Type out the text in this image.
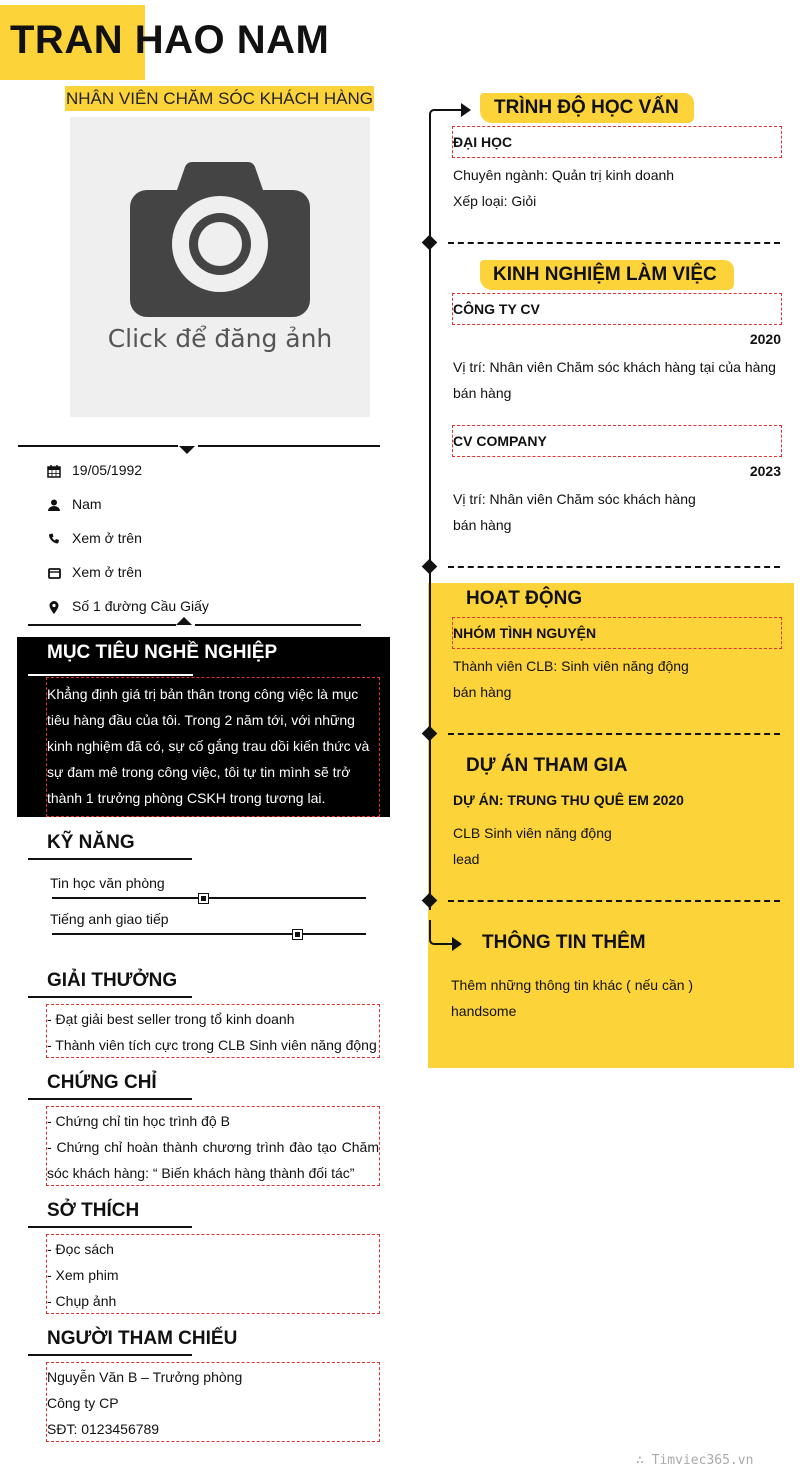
TRAN HAO NAM
NHÂN VIÊN CHĂM SÓC KHÁCH HÀNG
Click để đăng ảnh
19/05/1992
Nam
Xem ở trên
Xem ở trên
Số 1 đường Cầu Giấy
MỤC TIÊU NGHỀ NGHIỆP
Khẳng định giá trị bản thân trong công việc là mục tiêu hàng đầu của tôi. Trong 2 năm tới, với những kinh nghiệm đã có, sự cố gắng trau dồi kiến thức và sự đam mê trong công việc, tôi tự tin mình sẽ trở thành 1 trưởng phòng CSKH trong tương lai.
KỸ NĂNG
Tin học văn phòng
Tiếng anh giao tiếp
GIẢI THƯỞNG
- Đạt giải best seller trong tổ kinh doanh
- Thành viên tích cực trong CLB Sinh viên năng động
CHỨNG CHỈ
- Chứng chỉ tin học trình độ B
- Chứng chỉ hoàn thành chương trình đào tạo Chăm sóc khách hàng: “ Biến khách hàng thành đối tác”
SỞ THÍCH
- Đọc sách
- Xem phim
- Chụp ảnh
NGƯỜI THAM CHIẾU
Nguyễn Văn B – Trưởng phòng
Công ty CP
SĐT: 0123456789
TRÌNH ĐỘ HỌC VẤN
ĐẠI HỌC
Chuyên ngành: Quản trị kinh doanh
Xếp loại: Giỏi
KINH NGHIỆM LÀM VIỆC
CÔNG TY CV
2020
Vị trí: Nhân viên Chăm sóc khách hàng tại của hàng
bán hàng
CV COMPANY
2023
Vị trí: Nhân viên Chăm sóc khách hàng
bán hàng
HOẠT ĐỘNG
NHÓM TÌNH NGUYỆN
Thành viên CLB: Sinh viên năng động
bán hàng
DỰ ÁN THAM GIA
DỰ ÁN: TRUNG THU QUÊ EM 2020
CLB Sinh viên năng động
lead
THÔNG TIN THÊM
Thêm những thông tin khác ( nếu cần )
handsome
∴ Timviec365.vn
